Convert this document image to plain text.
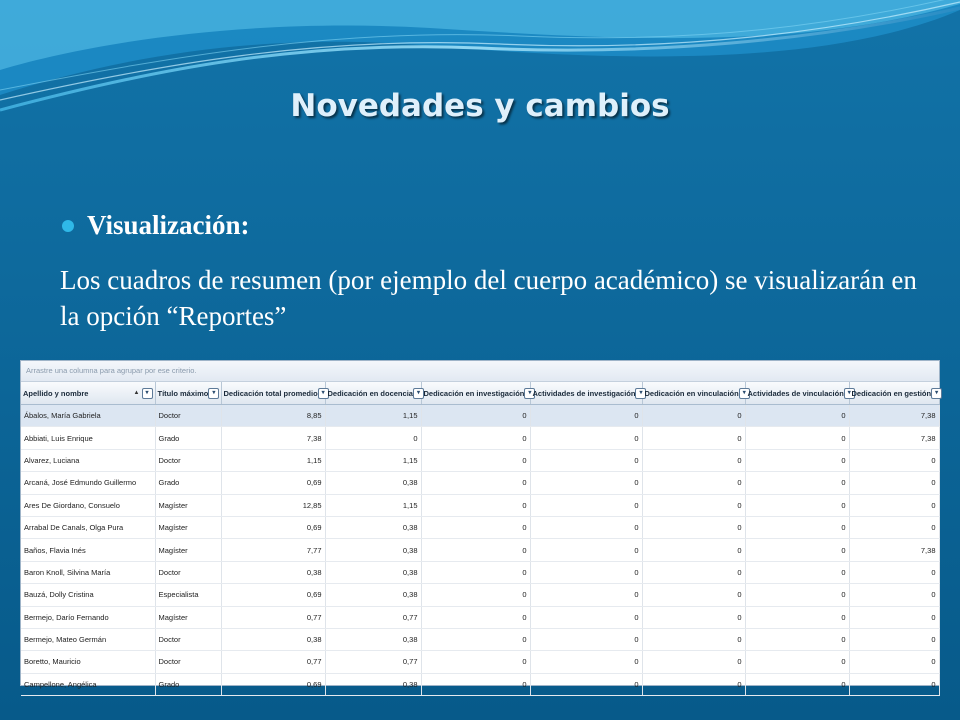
Novedades y cambios
Visualización:
Los cuadros de resumen (por ejemplo del cuerpo académico) se visualizarán en la opción “Reportes”
Arrastre una columna para agrupar por ese criterio.
Apellido y nombre ▲ ▾	Título máximo ▾	Dedicación total promedio ▾	Dedicación en docencia ▾	Dedicación en investigación ▾	Actividades de investigación ▾	Dedicación en vinculación ▾	Actividades de vinculación ▾	Dedicación en gestión ▾

Ábalos, María Gabriela	Doctor	8,85	1,15	0	0	0	0	7,38
Abbiati, Luis Enrique	Grado	7,38	0	0	0	0	0	7,38
Alvarez, Luciana	Doctor	1,15	1,15	0	0	0	0	0
Arcaná, José Edmundo Guillermo	Grado	0,69	0,38	0	0	0	0	0
Ares De Giordano, Consuelo	Magíster	12,85	1,15	0	0	0	0	0
Arrabal De Canals, Olga Pura	Magíster	0,69	0,38	0	0	0	0	0
Baños, Flavia Inés	Magíster	7,77	0,38	0	0	0	0	7,38
Baron Knoll, Silvina María	Doctor	0,38	0,38	0	0	0	0	0
Bauzá, Dolly Cristina	Especialista	0,69	0,38	0	0	0	0	0
Bermejo, Darío Fernando	Magíster	0,77	0,77	0	0	0	0	0
Bermejo, Mateo Germán	Doctor	0,38	0,38	0	0	0	0	0
Boretto, Mauricio	Doctor	0,77	0,77	0	0	0	0	0
Campellone, Angélica	Grado	0,69	0,38	0	0	0	0	0
